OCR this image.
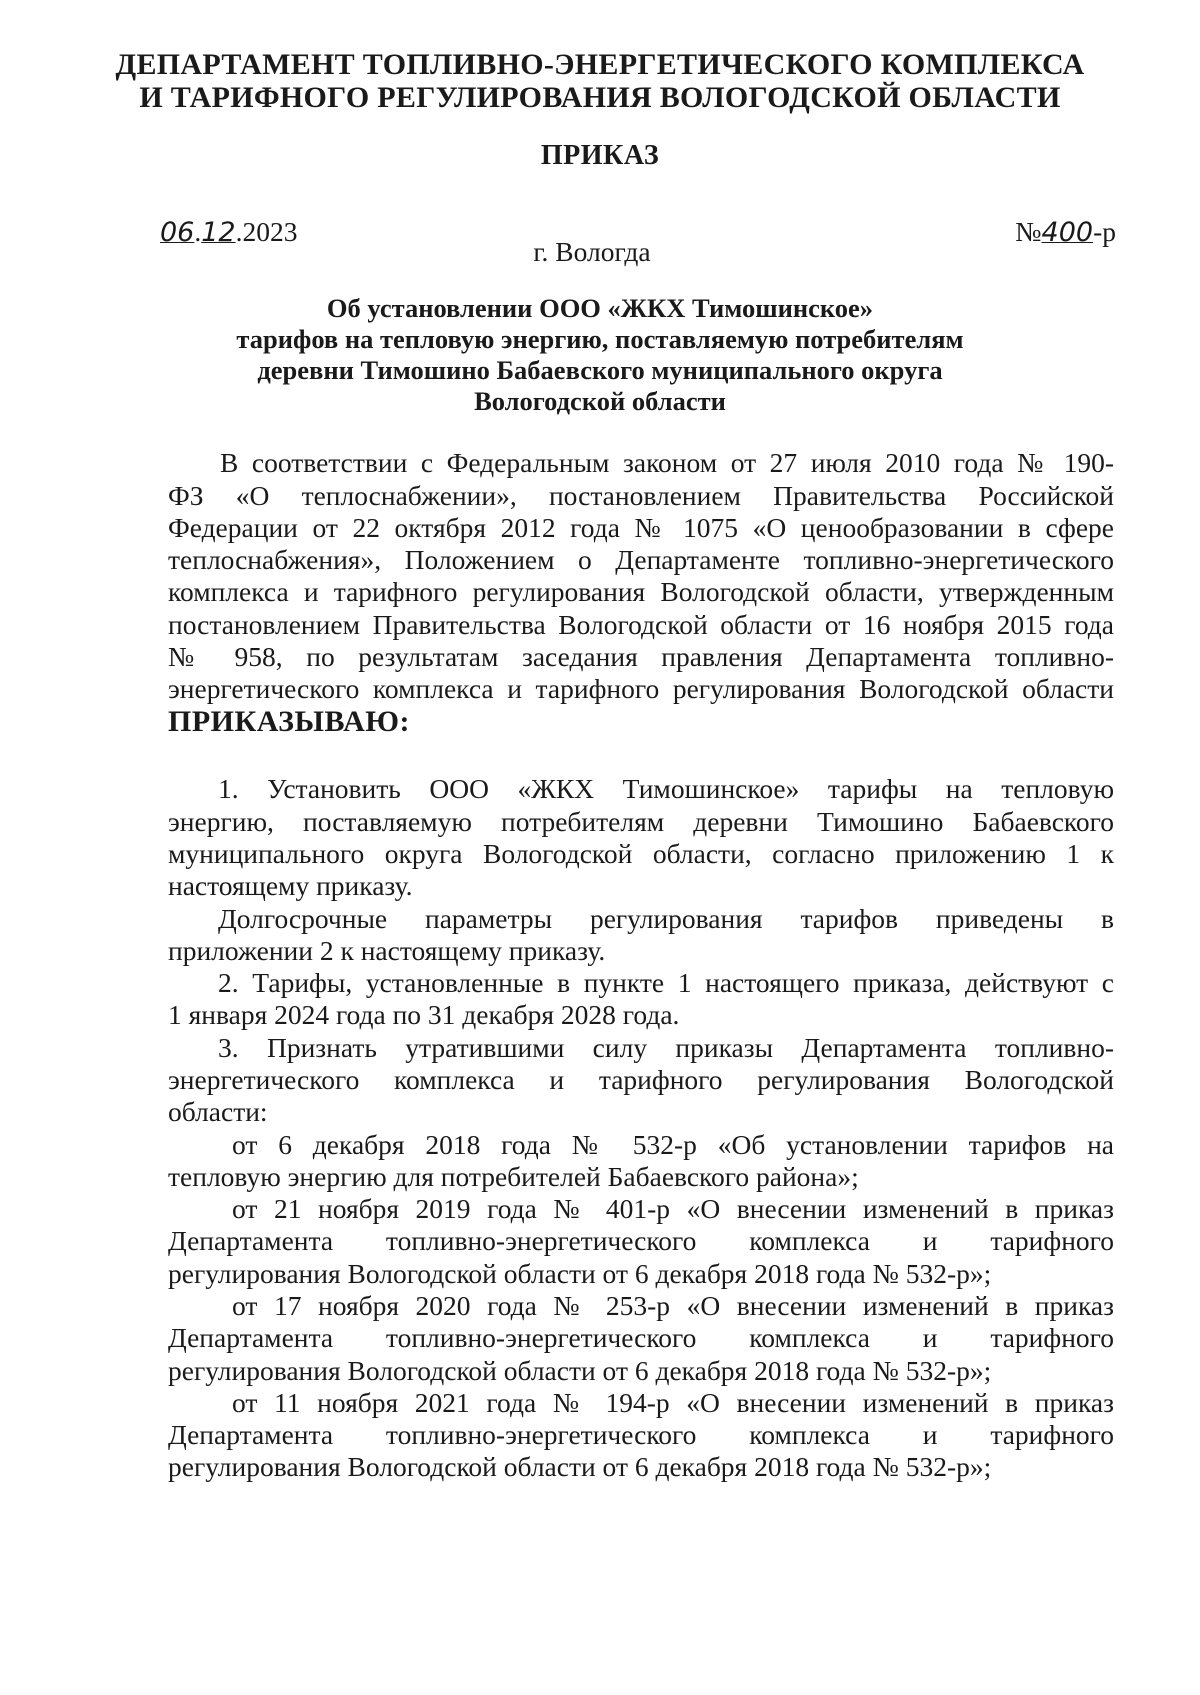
ДЕПАРТАМЕНТ ТОПЛИВНО-ЭНЕРГЕТИЧЕСКОГО КОМПЛЕКСА
И ТАРИФНОГО РЕГУЛИРОВАНИЯ ВОЛОГОДСКОЙ ОБЛАСТИ
ПРИКАЗ
06.12.2023	№400-р
г. Вологда
Об установлении ООО «ЖКХ Тимошинское»
тарифов на тепловую энергию, поставляемую потребителям
деревни Тимошино Бабаевского муниципального округа
Вологодской области
В соответствии с Федеральным законом от 27 июля 2010 года № 190-
ФЗ «О теплоснабжении», постановлением Правительства Российской
Федерации от 22 октября 2012 года № 1075 «О ценообразовании в сфере
теплоснабжения», Положением о Департаменте топливно-энергетического
комплекса и тарифного регулирования Вологодской области, утвержденным
постановлением Правительства Вологодской области от 16 ноября 2015 года
№ 958, по результатам заседания правления Департамента топливно-
энергетического комплекса и тарифного регулирования Вологодской области
ПРИКАЗЫВАЮ:
1. Установить ООО «ЖКХ Тимошинское» тарифы на тепловую
энергию, поставляемую потребителям деревни Тимошино Бабаевского
муниципального округа Вологодской области, согласно приложению 1 к
настоящему приказу.
Долгосрочные параметры регулирования тарифов приведены в
приложении 2 к настоящему приказу.
2. Тарифы, установленные в пункте 1 настоящего приказа, действуют с
1 января 2024 года по 31 декабря 2028 года.
3. Признать утратившими силу приказы Департамента топливно-
энергетического комплекса и тарифного регулирования Вологодской
области:
от 6 декабря 2018 года № 532-р «Об установлении тарифов на
тепловую энергию для потребителей Бабаевского района»;
от 21 ноября 2019 года № 401-р «О внесении изменений в приказ
Департамента топливно-энергетического комплекса и тарифного
регулирования Вологодской области от 6 декабря 2018 года № 532-р»;
от 17 ноября 2020 года № 253-р «О внесении изменений в приказ
Департамента топливно-энергетического комплекса и тарифного
регулирования Вологодской области от 6 декабря 2018 года № 532-р»;
от 11 ноября 2021 года № 194-р «О внесении изменений в приказ
Департамента топливно-энергетического комплекса и тарифного
регулирования Вологодской области от 6 декабря 2018 года № 532-р»;
